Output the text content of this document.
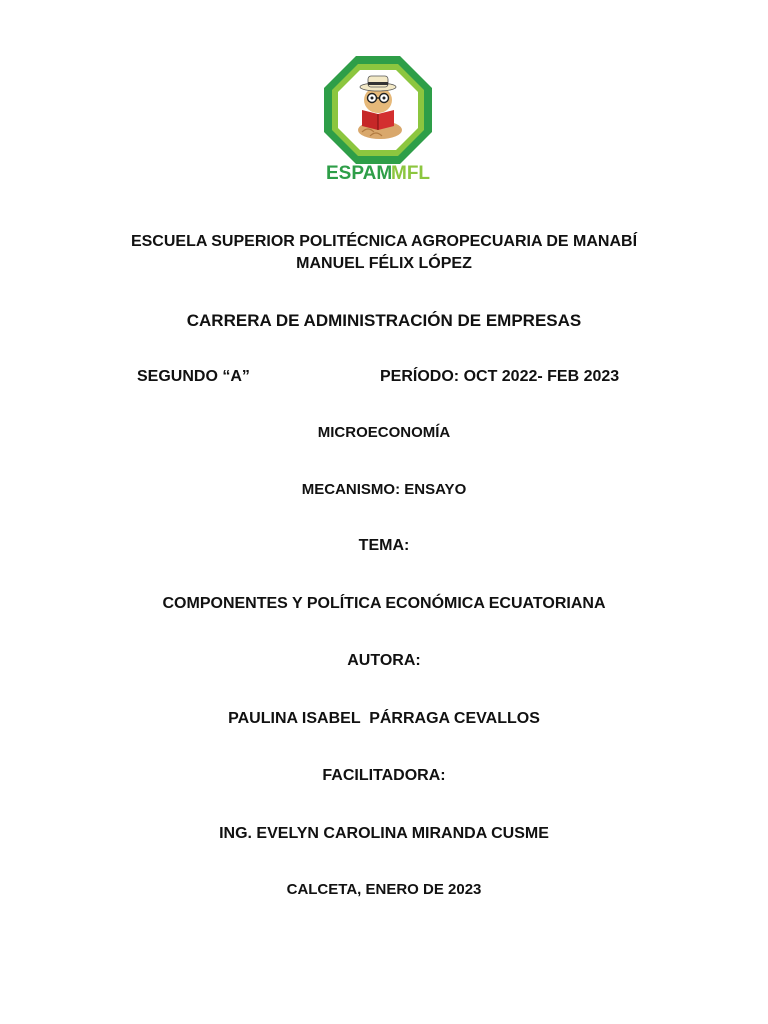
ESPAM
MFL

ESCUELA SUPERIOR POLITÉCNICA AGROPECUARIA DE MANABÍ

MANUEL FÉLIX LÓPEZ

CARRERA DE ADMINISTRACIÓN DE EMPRESAS

SEGUNDO “A”	PERÍODO: OCT 2022- FEB 2023

MICROECONOMÍA

MECANISMO: ENSAYO

TEMA:

COMPONENTES Y POLÍTICA ECONÓMICA ECUATORIANA

AUTORA:

PAULINA ISABEL  PÁRRAGA CEVALLOS

FACILITADORA:

ING. EVELYN CAROLINA MIRANDA CUSME

CALCETA, ENERO DE 2023
